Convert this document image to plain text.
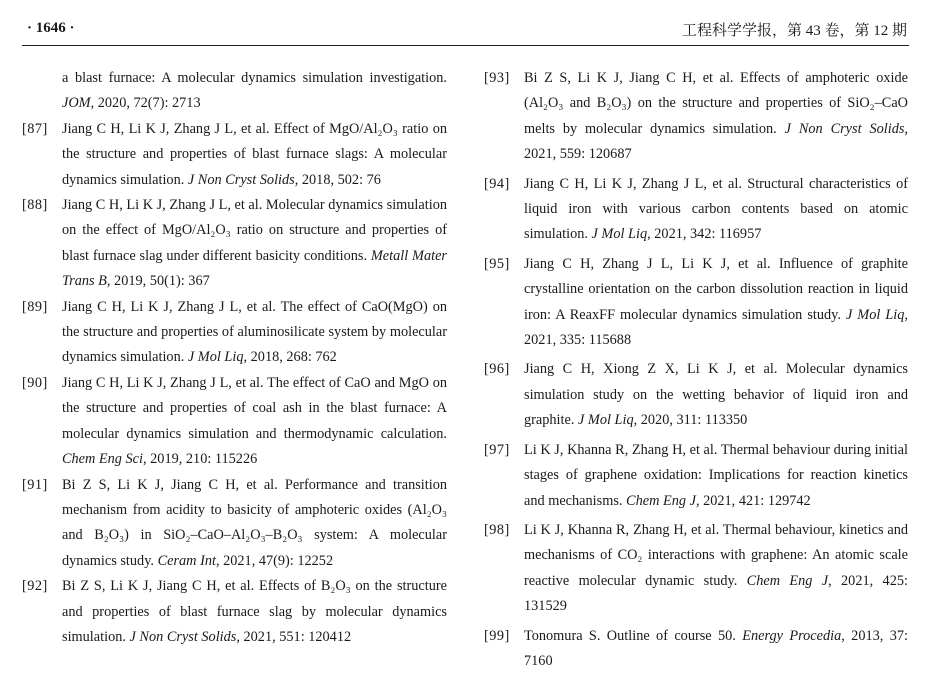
· 1646 ·	工程科学学报，第 43 卷，第 12 期
a blast furnace: A molecular dynamics simulation investigation. JOM, 2020, 72(7): 2713
[87] Jiang C H, Li K J, Zhang J L, et al. Effect of MgO/Al₂O₃ ratio on the structure and properties of blast furnace slags: A molecular dynamics simulation. J Non Cryst Solids, 2018, 502: 76
[88] Jiang C H, Li K J, Zhang J L, et al. Molecular dynamics simulation on the effect of MgO/Al₂O₃ ratio on structure and properties of blast furnace slag under different basicity conditions. Metall Mater Trans B, 2019, 50(1): 367
[89] Jiang C H, Li K J, Zhang J L, et al. The effect of CaO(MgO) on the structure and properties of aluminosilicate system by molecular dynamics simulation. J Mol Liq, 2018, 268: 762
[90] Jiang C H, Li K J, Zhang J L, et al. The effect of CaO and MgO on the structure and properties of coal ash in the blast furnace: A molecular dynamics simulation and thermodynamic calculation. Chem Eng Sci, 2019, 210: 115226
[91] Bi Z S, Li K J, Jiang C H, et al. Performance and transition mechanism from acidity to basicity of amphoteric oxides (Al₂O₃ and B₂O₃) in SiO₂–CaO–Al₂O₃–B₂O₃ system: A molecular dynamics study. Ceram Int, 2021, 47(9): 12252
[92] Bi Z S, Li K J, Jiang C H, et al. Effects of B₂O₃ on the structure and properties of blast furnace slag by molecular dynamics simulation. J Non Cryst Solids, 2021, 551: 120412
[93] Bi Z S, Li K J, Jiang C H, et al. Effects of amphoteric oxide (Al₂O₃ and B₂O₃) on the structure and properties of SiO₂–CaO melts by molecular dynamics simulation. J Non Cryst Solids, 2021, 559: 120687
[94] Jiang C H, Li K J, Zhang J L, et al. Structural characteristics of liquid iron with various carbon contents based on atomic simulation. J Mol Liq, 2021, 342: 116957
[95] Jiang C H, Zhang J L, Li K J, et al. Influence of graphite crystalline orientation on the carbon dissolution reaction in liquid iron: A ReaxFF molecular dynamics simulation study. J Mol Liq, 2021, 335: 115688
[96] Jiang C H, Xiong Z X, Li K J, et al. Molecular dynamics simulation study on the wetting behavior of liquid iron and graphite. J Mol Liq, 2020, 311: 113350
[97] Li K J, Khanna R, Zhang H, et al. Thermal behaviour during initial stages of graphene oxidation: Implications for reaction kinetics and mechanisms. Chem Eng J, 2021, 421: 129742
[98] Li K J, Khanna R, Zhang H, et al. Thermal behaviour, kinetics and mechanisms of CO₂ interactions with graphene: An atomic scale reactive molecular dynamic study. Chem Eng J, 2021, 425: 131529
[99] Tonomura S. Outline of course 50. Energy Procedia, 2013, 37: 7160
